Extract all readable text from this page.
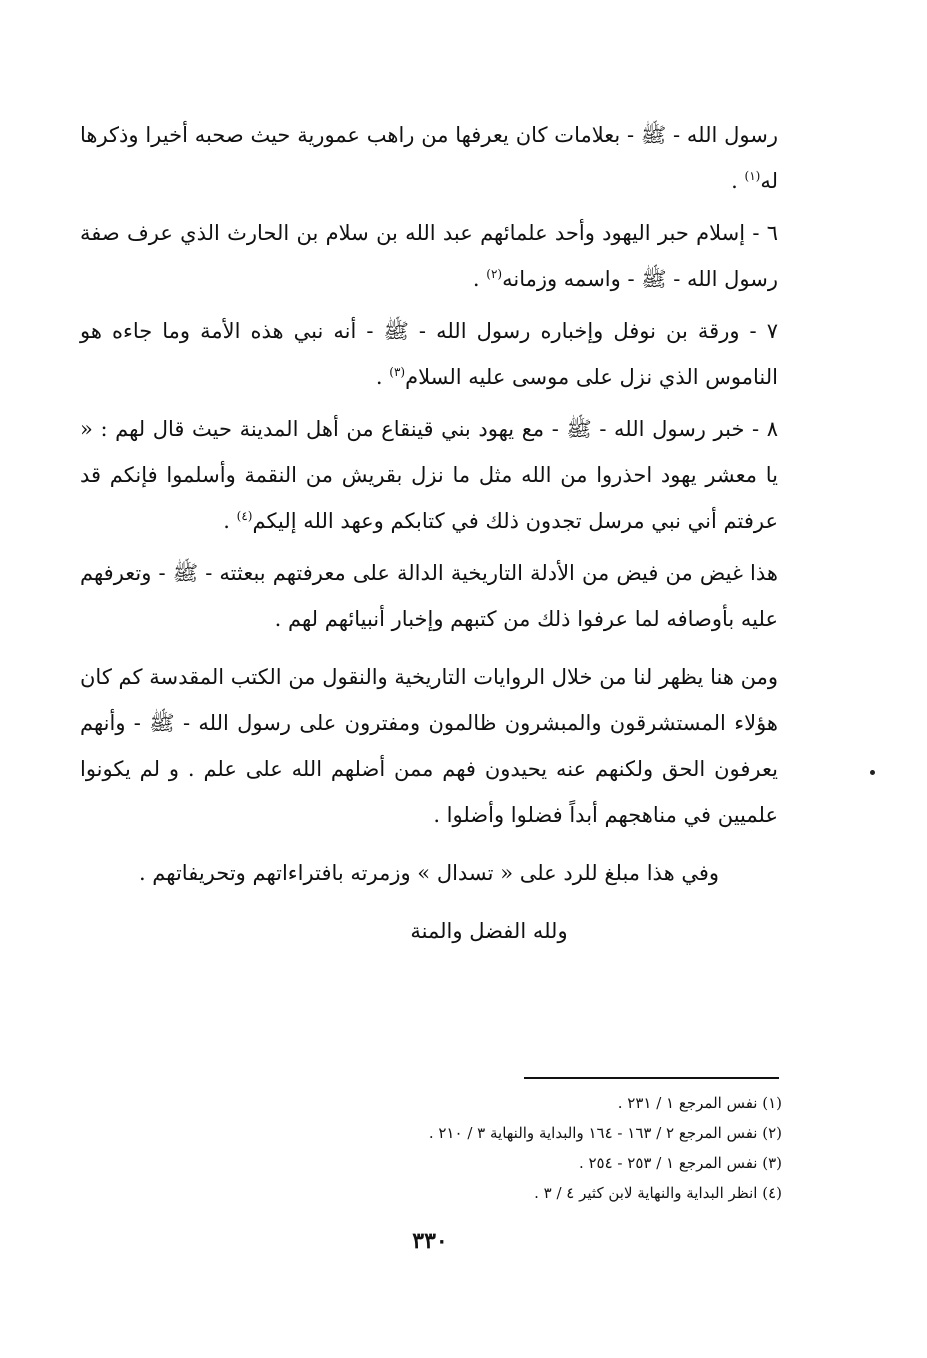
رسول الله - ﷺ - بعلامات كان يعرفها من راهب عمورية حيث صحبه أخيرا وذكرها له$^{(١)}$ .

٦ - إسلام حبر اليهود وأحد علمائهم عبد الله بن سلام بن الحارث الذي عرف صفة رسول الله - ﷺ - واسمه وزمانه$^{(٢)}$ .

٧ - ورقة بن نوفل وإخباره رسول الله - ﷺ - أنه نبي هذه الأمة وما جاءه هو الناموس الذي نزل على موسى عليه السلام$^{(٣)}$ .

٨ - خبر رسول الله - ﷺ - مع يهود بني قينقاع من أهل المدينة حيث قال لهم : « يا معشر يهود احذروا من الله مثل ما نزل بقريش من النقمة وأسلموا فإنكم قد عرفتم أني نبي مرسل تجدون ذلك في كتابكم وعهد الله إليكم$^{(٤)}$ .

هذا غيض من فيض من الأدلة التاريخية الدالة على معرفتهم ببعثته - ﷺ - وتعرفهم عليه بأوصافه لما عرفوا ذلك من كتبهم وإخبار أنبيائهم لهم .

ومن هنا يظهر لنا من خلال الروايات التاريخية والنقول من الكتب المقدسة كم كان هؤلاء المستشرقون والمبشرون ظالمون ومفترون على رسول الله - ﷺ - وأنهم يعرفون الحق ولكنهم عنه يحيدون فهم ممن أضلهم الله على علم . و لم يكونوا علميين في مناهجهم أبداً فضلوا وأضلوا .

وفي هذا مبلغ للرد على « تسدال » وزمرته بافتراءاتهم وتحريفاتهم .

ولله الفضل والمنة

(١) نفس المرجع ١ / ٢٣١ .

(٢) نفس المرجع ٢ / ١٦٣ - ١٦٤ والبداية والنهاية ٣ / ٢١٠ .

(٣) نفس المرجع ١ / ٢٥٣ - ٢٥٤ .

(٤) انظر البداية والنهاية لابن كثير ٤ / ٣ .

٣٣٠
